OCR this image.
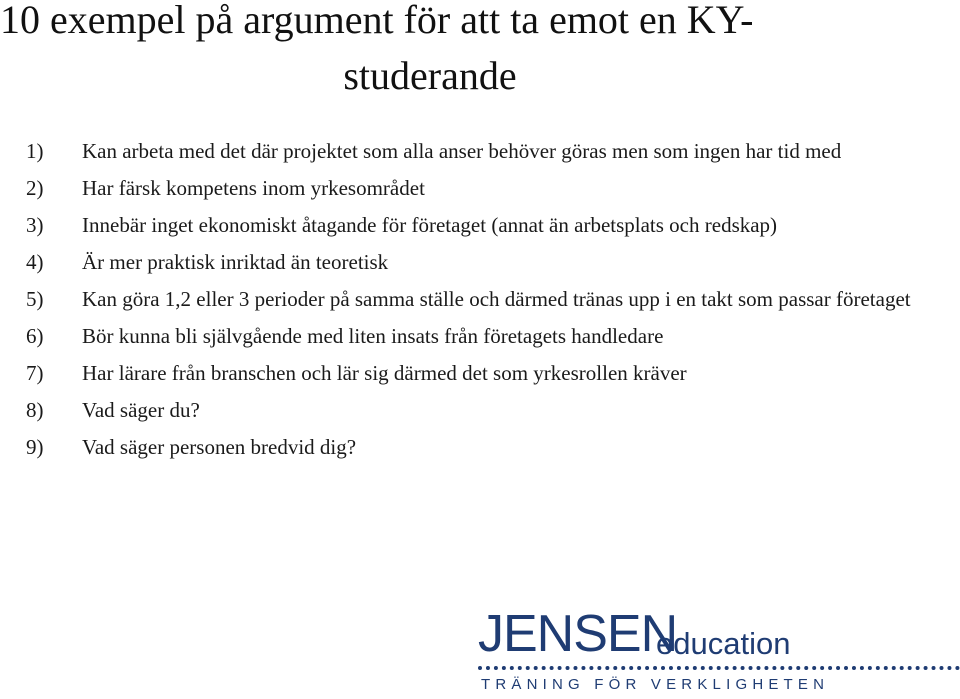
10 exempel på argument för att ta emot en KY-
studerande
1)	Kan arbeta med det där projektet som alla anser behöver göras men som ingen har tid med
2)	Har färsk kompetens inom yrkesområdet
3)	Innebär inget ekonomiskt åtagande för företaget (annat än arbetsplats och redskap)
4)	Är mer praktisk inriktad än teoretisk
5)	Kan göra 1,2 eller 3 perioder på samma ställe och därmed tränas upp i en takt som passar företaget
6)	Bör kunna bli självgående med liten insats från företagets handledare
7)	Har lärare från branschen och lär sig därmed det som yrkesrollen kräver
8)	Vad säger du?
9)	Vad säger personen bredvid dig?
JENSEN
education
TRÄNING FÖR VERKLIGHETEN
